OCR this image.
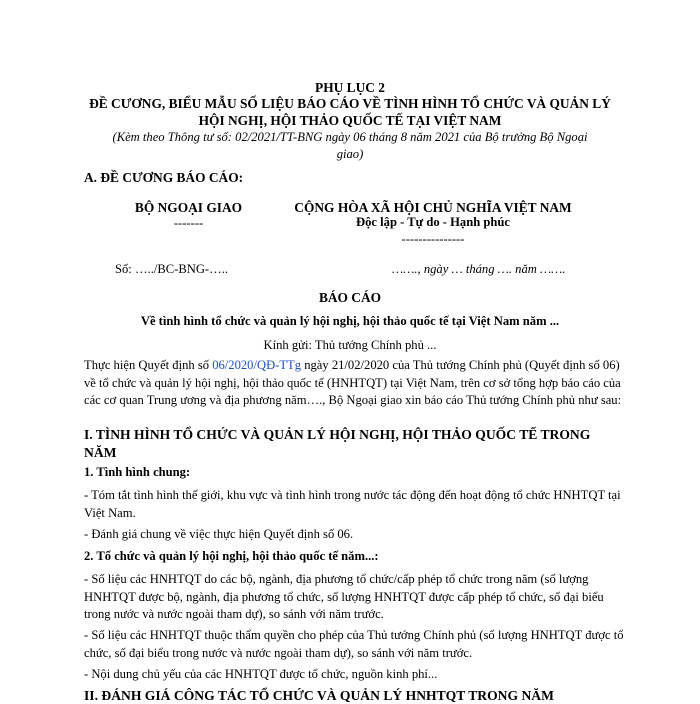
PHỤ LỤC 2
ĐỀ CƯƠNG, BIỂU MẪU SỐ LIỆU BÁO CÁO VỀ TÌNH HÌNH TỔ CHỨC VÀ QUẢN LÝ
HỘI NGHỊ, HỘI THẢO QUỐC TẾ TẠI VIỆT NAM
(Kèm theo Thông tư số: 02/2021/TT-BNG ngày 06 tháng 8 năm 2021 của Bộ trưởng Bộ Ngoại
giao)
A. ĐỀ CƯƠNG BÁO CÁO:
BỘ NGOẠI GIAO
-------
CỘNG HÒA XÃ HỘI CHỦ NGHĨA VIỆT NAM
Độc lập - Tự do - Hạnh phúc
---------------
Số: …../BC-BNG-…..	……., ngày … tháng …. năm …….
BÁO CÁO
Về tình hình tổ chức và quản lý hội nghị, hội thảo quốc tế tại Việt Nam năm ...
Kính gửi: Thủ tướng Chính phủ ...
Thực hiện Quyết định số 06/2020/QĐ-TTg ngày 21/02/2020 của Thủ tướng Chính phủ (Quyết định số 06) về tổ chức và quản lý hội nghị, hội thảo quốc tế (HNHTQT) tại Việt Nam, trên cơ sở tổng hợp báo cáo của các cơ quan Trung ương và địa phương năm…., Bộ Ngoại giao xin báo cáo Thủ tướng Chính phủ như sau:
I. TÌNH HÌNH TỔ CHỨC VÀ QUẢN LÝ HỘI NGHỊ, HỘI THẢO QUỐC TẾ TRONG NĂM
1. Tình hình chung:
- Tóm tắt tình hình thế giới, khu vực và tình hình trong nước tác động đến hoạt động tổ chức HNHTQT tại Việt Nam.
- Đánh giá chung về việc thực hiện Quyết định số 06.
2. Tổ chức và quản lý hội nghị, hội thảo quốc tế năm...:
- Số liệu các HNHTQT do các bộ, ngành, địa phương tổ chức/cấp phép tổ chức trong năm (số lượng HNHTQT được bộ, ngành, địa phương tổ chức, số lượng HNHTQT được cấp phép tổ chức, số đại biểu trong nước và nước ngoài tham dự), so sánh với năm trước.
- Số liệu các HNHTQT thuộc thẩm quyền cho phép của Thủ tướng Chính phủ (số lượng HNHTQT được tổ chức, số đại biểu trong nước và nước ngoài tham dự), so sánh với năm trước.
- Nội dung chủ yếu của các HNHTQT được tổ chức, nguồn kinh phí...
II. ĐÁNH GIÁ CÔNG TÁC TỔ CHỨC VÀ QUẢN LÝ HNHTQT TRONG NĂM
